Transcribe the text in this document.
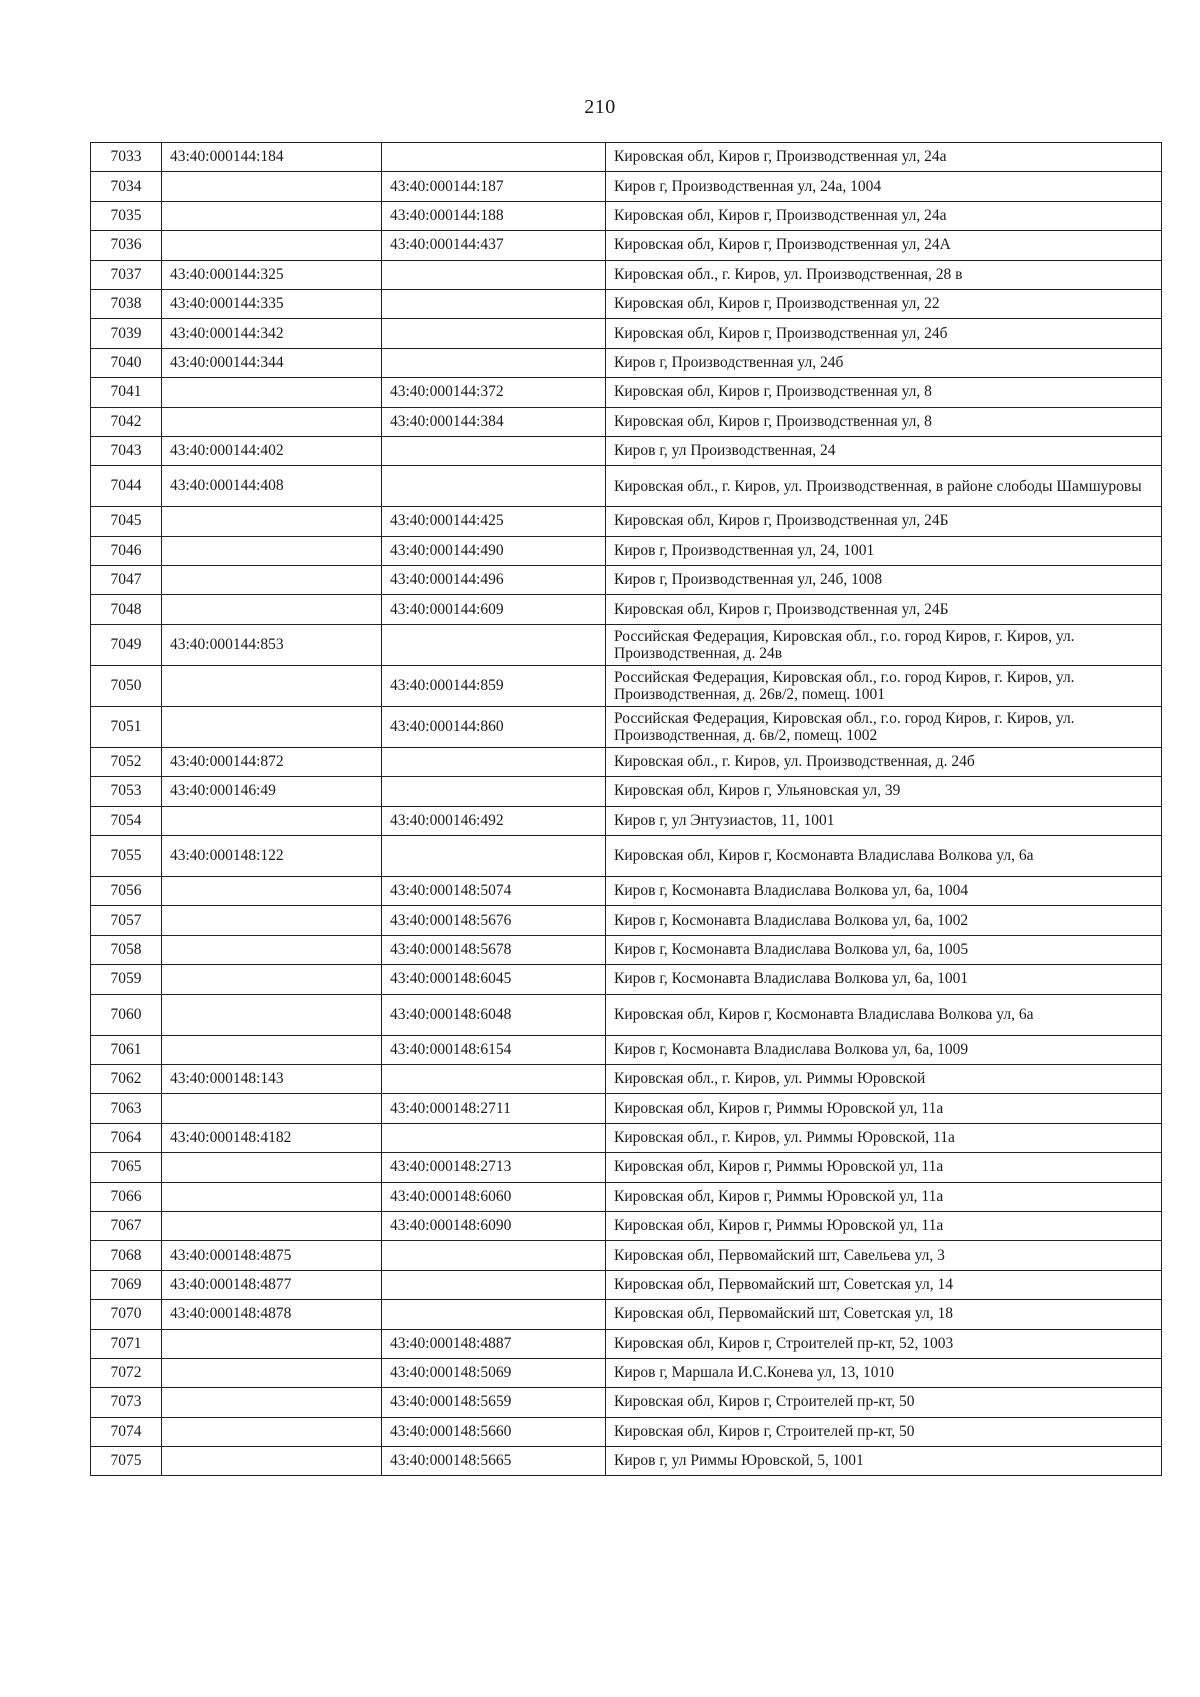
210
7033	43:40:000144:184		Кировская обл, Киров г, Производственная ул, 24а
7034		43:40:000144:187	Киров г, Производственная ул, 24а, 1004
7035		43:40:000144:188	Кировская обл, Киров г, Производственная ул, 24а
7036		43:40:000144:437	Кировская обл, Киров г, Производственная ул, 24А
7037	43:40:000144:325		Кировская обл., г. Киров, ул. Производственная, 28 в
7038	43:40:000144:335		Кировская обл, Киров г, Производственная ул, 22
7039	43:40:000144:342		Кировская обл, Киров г, Производственная ул, 24б
7040	43:40:000144:344		Киров г, Производственная ул, 24б
7041		43:40:000144:372	Кировская обл, Киров г, Производственная ул, 8
7042		43:40:000144:384	Кировская обл, Киров г, Производственная ул, 8
7043	43:40:000144:402		Киров г, ул Производственная, 24
7044	43:40:000144:408		Кировская обл., г. Киров, ул. Производственная, в районе слободы Шамшуровы
7045		43:40:000144:425	Кировская обл, Киров г, Производственная ул, 24Б
7046		43:40:000144:490	Киров г, Производственная ул, 24, 1001
7047		43:40:000144:496	Киров г, Производственная ул, 24б, 1008
7048		43:40:000144:609	Кировская обл, Киров г, Производственная ул, 24Б
7049	43:40:000144:853		Российская Федерация, Кировская обл., г.о. город Киров, г. Киров, ул. Производственная, д. 24в
7050		43:40:000144:859	Российская Федерация, Кировская обл., г.о. город Киров, г. Киров, ул. Производственная, д. 26в/2, помещ. 1001
7051		43:40:000144:860	Российская Федерация, Кировская обл., г.о. город Киров, г. Киров, ул. Производственная, д. 6в/2, помещ. 1002
7052	43:40:000144:872		Кировская обл., г. Киров, ул. Производственная, д. 24б
7053	43:40:000146:49		Кировская обл, Киров г, Ульяновская ул, 39
7054		43:40:000146:492	Киров г, ул Энтузиастов, 11, 1001
7055	43:40:000148:122		Кировская обл, Киров г, Космонавта Владислава Волкова ул, 6а
7056		43:40:000148:5074	Киров г, Космонавта Владислава Волкова ул, 6а, 1004
7057		43:40:000148:5676	Киров г, Космонавта Владислава Волкова ул, 6а, 1002
7058		43:40:000148:5678	Киров г, Космонавта Владислава Волкова ул, 6а, 1005
7059		43:40:000148:6045	Киров г, Космонавта Владислава Волкова ул, 6а, 1001
7060		43:40:000148:6048	Кировская обл, Киров г, Космонавта Владислава Волкова ул, 6а
7061		43:40:000148:6154	Киров г, Космонавта Владислава Волкова ул, 6а, 1009
7062	43:40:000148:143		Кировская обл., г. Киров, ул. Риммы Юровской
7063		43:40:000148:2711	Кировская обл, Киров г, Риммы Юровской ул, 11а
7064	43:40:000148:4182		Кировская обл., г. Киров, ул. Риммы Юровской, 11а
7065		43:40:000148:2713	Кировская обл, Киров г, Риммы Юровской ул, 11а
7066		43:40:000148:6060	Кировская обл, Киров г, Риммы Юровской ул, 11а
7067		43:40:000148:6090	Кировская обл, Киров г, Риммы Юровской ул, 11а
7068	43:40:000148:4875		Кировская обл, Первомайский шт, Савельева ул, 3
7069	43:40:000148:4877		Кировская обл, Первомайский шт, Советская ул, 14
7070	43:40:000148:4878		Кировская обл, Первомайский шт, Советская ул, 18
7071		43:40:000148:4887	Кировская обл, Киров г, Строителей пр-кт, 52, 1003
7072		43:40:000148:5069	Киров г, Маршала И.С.Конева ул, 13, 1010
7073		43:40:000148:5659	Кировская обл, Киров г, Строителей пр-кт, 50
7074		43:40:000148:5660	Кировская обл, Киров г, Строителей пр-кт, 50
7075		43:40:000148:5665	Киров г, ул Риммы Юровской, 5, 1001
